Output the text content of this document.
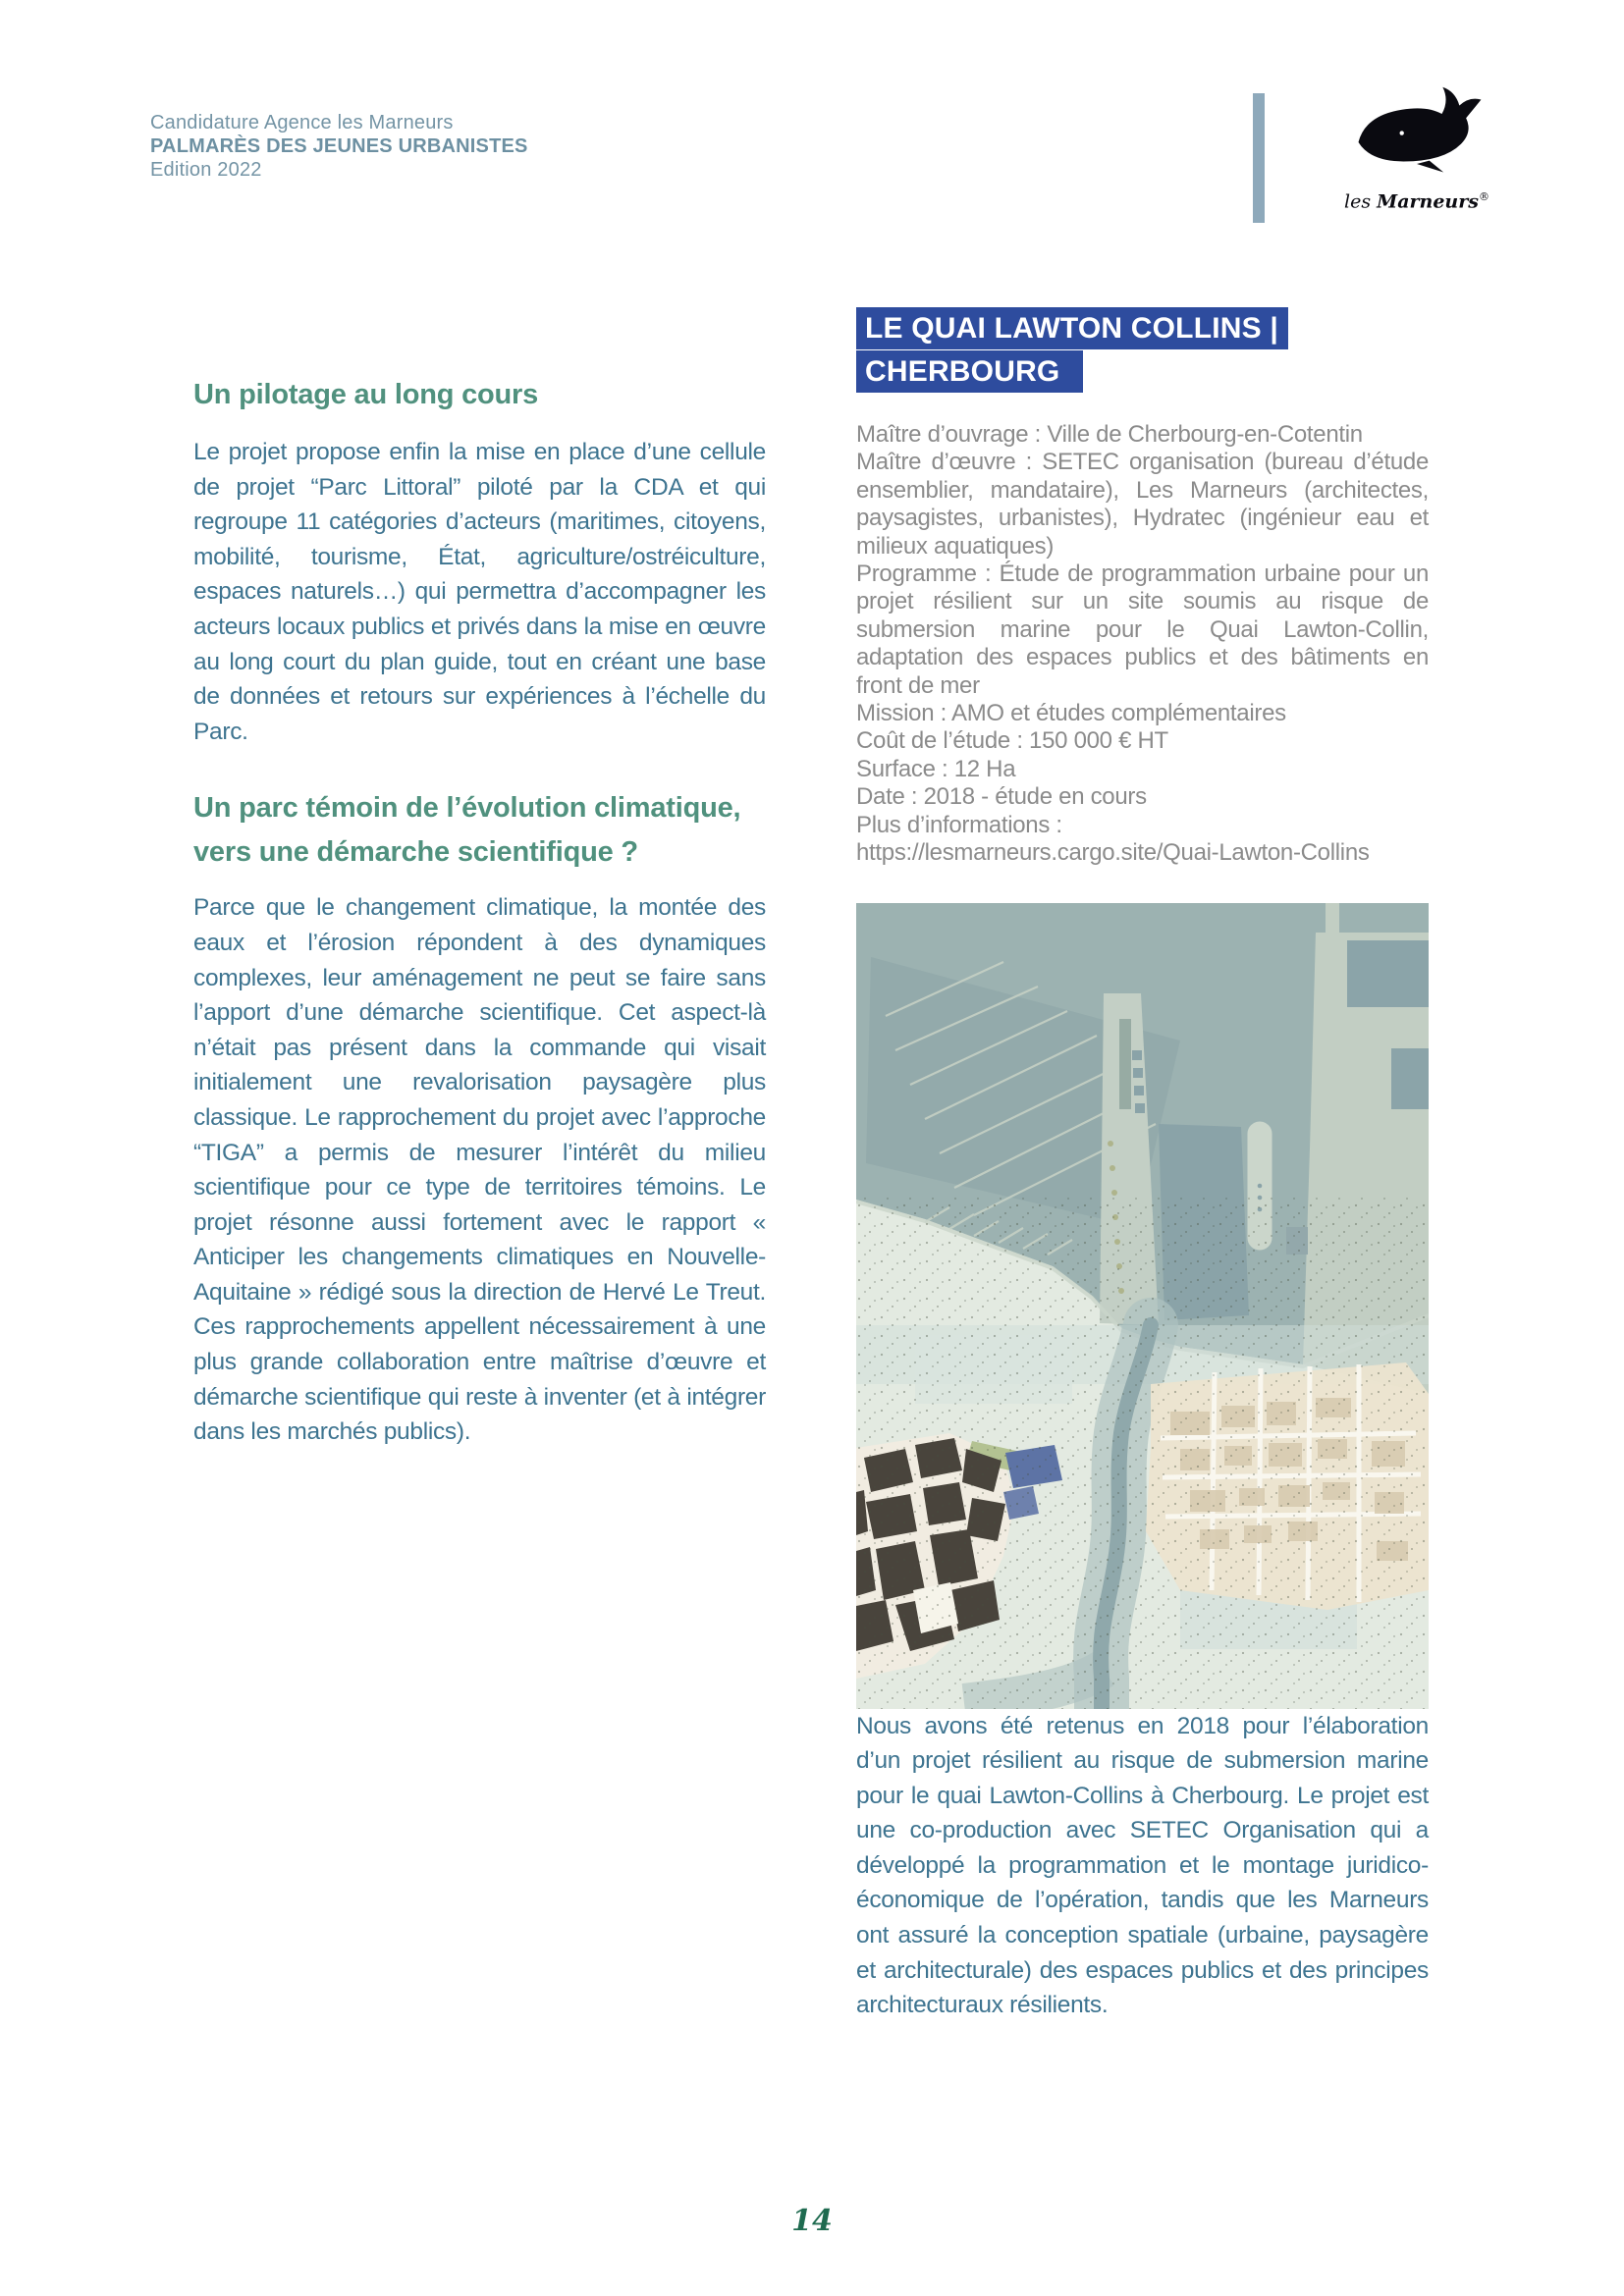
Candidature Agence les Marneurs
PALMARÈS DES JEUNES URBANISTES
Edition 2022
les Marneurs®
Un pilotage au long cours

Le projet propose enfin la mise en place d’une cellule de projet “Parc Littoral” piloté par la CDA et qui regroupe 11 catégories d’acteurs (maritimes, citoyens, mobilité, tourisme, État, agriculture/ostréiculture, espaces naturels…) qui permettra d’accompagner les acteurs locaux publics et privés dans la mise en œuvre au long court du plan guide, tout en créant une base de données et retours sur expériences à l’échelle du Parc.

Un parc témoin de l’évolution climatique, vers une démarche scientifique ?

Parce que le changement climatique, la montée des eaux et l’érosion répondent à des dynamiques complexes, leur aménagement ne peut se faire sans l’apport d’une démarche scientifique. Cet aspect-là n’était pas présent dans la commande qui visait initialement une revalorisation paysagère plus classique. Le rapprochement du projet avec l’approche “TIGA” a permis de mesurer l’intérêt du milieu scientifique pour ce type de territoires témoins. Le projet résonne aussi fortement avec le rapport « Anticiper les changements climatiques en Nouvelle-Aquitaine » rédigé sous la direction de Hervé Le Treut. Ces rapprochements appellent nécessairement à une plus grande collaboration entre maîtrise d’œuvre et démarche scientifique qui reste à inventer (et à intégrer dans les marchés publics).

LE QUAI LAWTON COLLINS |
CHERBOURG
Maître d’ouvrage : Ville de Cherbourg-en-Cotentin
Maître d’œuvre : SETEC organisation (bureau d’étude ensemblier, mandataire), Les Marneurs (architectes, paysagistes, urbanistes), Hydratec (ingénieur eau et milieux aquatiques)
Programme : Étude de programmation urbaine pour un projet résilient sur un site soumis au risque de submersion marine pour le Quai Lawton-Collin, adaptation des espaces publics et des bâtiments en front de mer
Mission : AMO et études complémentaires
Coût de l’étude : 150 000 € HT
Surface : 12 Ha
Date : 2018 - étude en cours
Plus d’informations :
https://lesmarneurs.cargo.site/Quai-Lawton-Collins

Nous avons été retenus en 2018 pour l’élaboration d’un projet résilient au risque de submersion marine pour le quai Lawton-Collins à Cherbourg. Le projet est une co-production avec SETEC Organisation qui a développé la programmation et le montage juridico-économique de l’opération, tandis que les Marneurs ont assuré la conception spatiale (urbaine, paysagère et architecturale) des espaces publics et des principes architecturaux résilients.

14
